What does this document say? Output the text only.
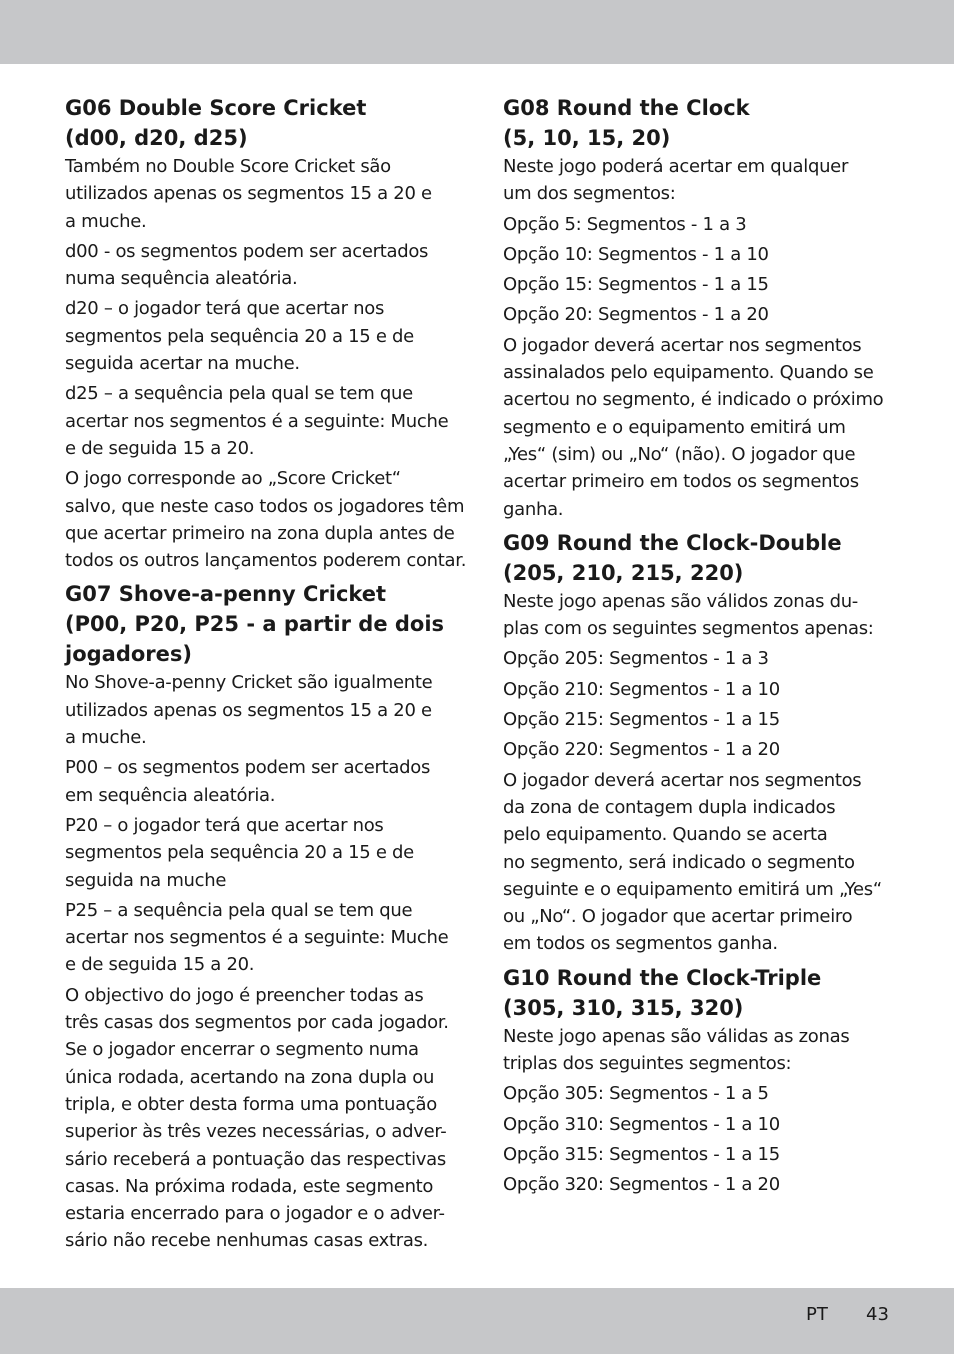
G06 Double Score Cricket
(d00, d20, d25)

Também no Double Score Cricket são
utilizados apenas os segmentos 15 a 20 e
a muche.

d00 - os segmentos podem ser acertados
numa sequência aleatória.

d20 – o jogador terá que acertar nos
segmentos pela sequência 20 a 15 e de
seguida acertar na muche.

d25 – a sequência pela qual se tem que
acertar nos segmentos é a seguinte: Muche
e de seguida 15 a 20.

O jogo corresponde ao „Score Cricket“
salvo, que neste caso todos os jogadores têm
que acertar primeiro na zona dupla antes de
todos os outros lançamentos poderem contar.

G07 Shove-a-penny Cricket
(P00, P20, P25 - a partir de dois
jogadores)

No Shove-a-penny Cricket são igualmente
utilizados apenas os segmentos 15 a 20 e
a muche.

P00 – os segmentos podem ser acertados
em sequência aleatória.

P20 – o jogador terá que acertar nos
segmentos pela sequência 20 a 15 e de
seguida na muche

P25 – a sequência pela qual se tem que
acertar nos segmentos é a seguinte: Muche
e de seguida 15 a 20.

O objectivo do jogo é preencher todas as
três casas dos segmentos por cada jogador.
Se o jogador encerrar o segmento numa
única rodada, acertando na zona dupla ou
tripla, e obter desta forma uma pontuação
superior às três vezes necessárias, o adver-
sário receberá a pontuação das respectivas
casas. Na próxima rodada, este segmento
estaria encerrado para o jogador e o adver-
sário não recebe nenhumas casas extras.

G08 Round the Clock
(5, 10, 15, 20)

Neste jogo poderá acertar em qualquer
um dos segmentos:

Opção 5: Segmentos - 1 a 3

Opção 10: Segmentos - 1 a 10

Opção 15: Segmentos - 1 a 15

Opção 20: Segmentos - 1 a 20

O jogador deverá acertar nos segmentos
assinalados pelo equipamento. Quando se
acertou no segmento, é indicado o próximo
segmento e o equipamento emitirá um
„Yes“ (sim) ou „No“ (não). O jogador que
acertar primeiro em todos os segmentos
ganha.

G09 Round the Clock-Double
(205, 210, 215, 220)

Neste jogo apenas são válidos zonas du-
plas com os seguintes segmentos apenas:

Opção 205: Segmentos - 1 a 3

Opção 210: Segmentos - 1 a 10

Opção 215: Segmentos - 1 a 15

Opção 220: Segmentos - 1 a 20

O jogador deverá acertar nos segmentos
da zona de contagem dupla indicados
pelo equipamento. Quando se acerta
no segmento, será indicado o segmento
seguinte e o equipamento emitirá um „Yes“
ou „No“. O jogador que acertar primeiro
em todos os segmentos ganha.

G10 Round the Clock-Triple
(305, 310, 315, 320)

Neste jogo apenas são válidas as zonas
triplas dos seguintes segmentos:

Opção 305: Segmentos - 1 a 5

Opção 310: Segmentos - 1 a 10

Opção 315: Segmentos - 1 a 15

Opção 320: Segmentos - 1 a 20

PT 43
